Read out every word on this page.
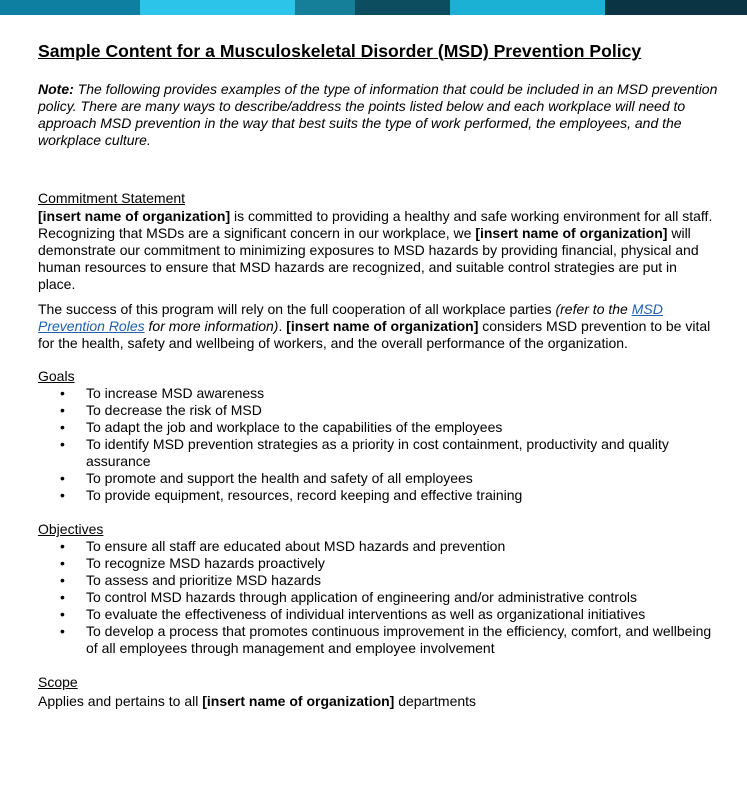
Sample Content for a Musculoskeletal Disorder (MSD) Prevention Policy

Note: The following provides examples of the type of information that could be included in an MSD prevention policy. There are many ways to describe/address the points listed below and each workplace will need to approach MSD prevention in the way that best suits the type of work performed, the employees, and the workplace culture.

Commitment Statement

[insert name of organization] is committed to providing a healthy and safe working environment for all staff. Recognizing that MSDs are a significant concern in our workplace, we [insert name of organization] will demonstrate our commitment to minimizing exposures to MSD hazards by providing financial, physical and human resources to ensure that MSD hazards are recognized, and suitable control strategies are put in place.

The success of this program will rely on the full cooperation of all workplace parties (refer to the MSD Prevention Roles for more information). [insert name of organization] considers MSD prevention to be vital for the health, safety and wellbeing of workers, and the overall performance of the organization.

Goals
• To increase MSD awareness
• To decrease the risk of MSD
• To adapt the job and workplace to the capabilities of the employees
• To identify MSD prevention strategies as a priority in cost containment, productivity and quality assurance
• To promote and support the health and safety of all employees
• To provide equipment, resources, record keeping and effective training
Objectives
• To ensure all staff are educated about MSD hazards and prevention
• To recognize MSD hazards proactively
• To assess and prioritize MSD hazards
• To control MSD hazards through application of engineering and/or administrative controls
• To evaluate the effectiveness of individual interventions as well as organizational initiatives
• To develop a process that promotes continuous improvement in the efficiency, comfort, and wellbeing of all employees through management and employee involvement
Scope

Applies and pertains to all [insert name of organization] departments
